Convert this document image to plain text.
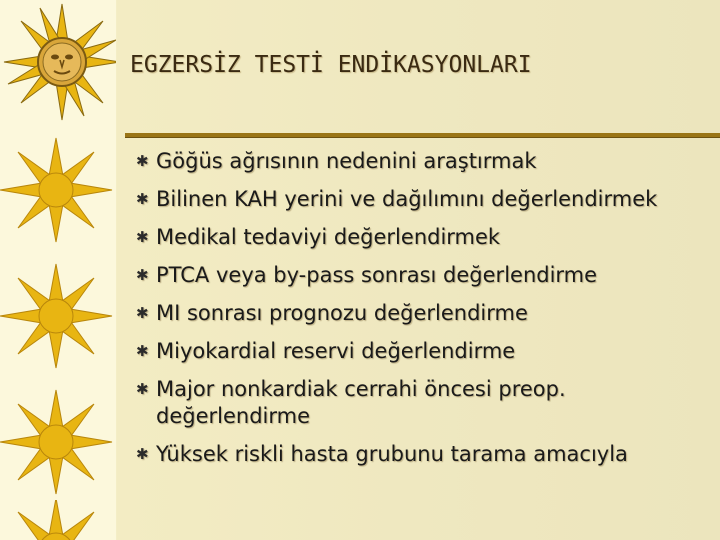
EGZERSİZ TESTİ ENDİKASYONLARI
✱ Göğüs ağrısının nedenini araştırmak
✱ Bilinen KAH yerini ve dağılımını değerlendirmek
✱ Medikal tedaviyi değerlendirmek
✱ PTCA veya by-pass sonrası değerlendirme
✱ MI sonrası prognozu değerlendirme
✱ Miyokardial reservi değerlendirme
✱ Major nonkardiak cerrahi öncesi preop. değerlendirme
✱ Yüksek riskli hasta grubunu tarama amacıyla
